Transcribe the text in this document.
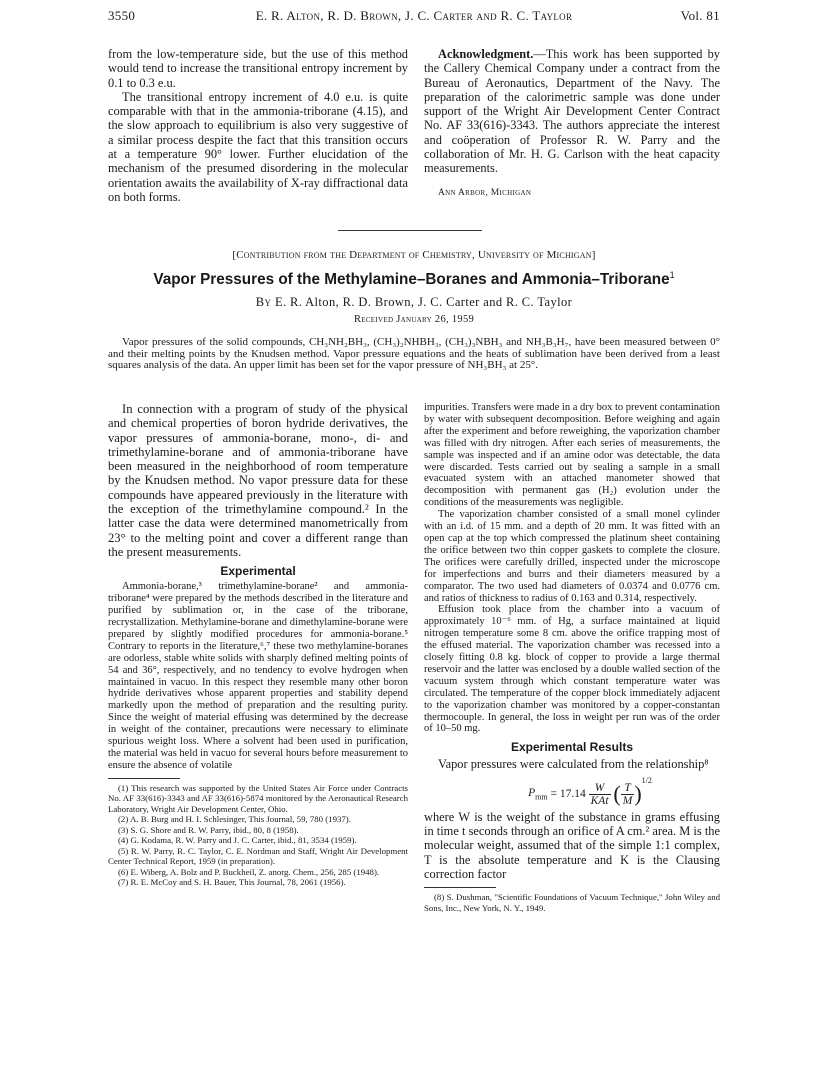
3550	E. R. Alton, R. D. Brown, J. C. Carter and R. C. Taylor	Vol. 81

from the low-temperature side, but the use of this method would tend to increase the transitional entropy increment by 0.1 to 0.3 e.u.

The transitional entropy increment of 4.0 e.u. is quite comparable with that in the ammonia-triborane (4.15), and the slow approach to equilibrium is also very suggestive of a similar process despite the fact that this transition occurs at a temperature 90° lower. Further elucidation of the mechanism of the presumed disordering in the molecular orientation awaits the availability of X-ray diffractional data on both forms.

Acknowledgment.—This work has been supported by the Callery Chemical Company under a contract from the Bureau of Aeronautics, Department of the Navy. The preparation of the calorimetric sample was done under support of the Wright Air Development Center Contract No. AF 33(616)-3343. The authors appreciate the interest and coöperation of Professor R. W. Parry and the collaboration of Mr. H. G. Carlson with the heat capacity measurements.

Ann Arbor, Michigan

[Contribution from the Department of Chemistry, University of Michigan]
Vapor Pressures of the Methylamine–Boranes and Ammonia–Triborane$^1$
By E. R. Alton, R. D. Brown, J. C. Carter and R. C. Taylor
Received January 26, 1959

Vapor pressures of the solid compounds, CH₃NH₂BH₃, (CH₃)₂NHBH₃, (CH₃)₃NBH₃ and NH₃B₃H₇, have been measured between 0° and their melting points by the Knudsen method. Vapor pressure equations and the heats of sublimation have been derived from a least squares analysis of the data. An upper limit has been set for the vapor pressure of NH₃BH₃ at 25°.

In connection with a program of study of the physical and chemical properties of boron hydride derivatives, the vapor pressures of ammonia-borane, mono-, di- and trimethylamine-borane and of ammonia-triborane have been measured in the neighborhood of room temperature by the Knudsen method. No vapor pressure data for these compounds have appeared previously in the literature with the exception of the trimethylamine compound.² In the latter case the data were determined manometrically from 23° to the melting point and cover a different range than the present measurements.

Experimental

Ammonia-borane,³ trimethylamine-borane² and ammonia-triborane⁴ were prepared by the methods described in the literature and purified by sublimation or, in the case of the triborane, recrystallization. Methylamine-borane and dimethylamine-borane were prepared by slightly modified procedures for ammonia-borane.⁵ Contrary to reports in the literature,⁶,⁷ these two methylamine-boranes are odorless, stable white solids with sharply defined melting points of 54 and 36°, respectively, and no tendency to evolve hydrogen when maintained in vacuo. In this respect they resemble many other boron hydride derivatives whose apparent properties and stability depend markedly upon the method of preparation and the resulting purity. Since the weight of material effusing was determined by the decrease in weight of the container, precautions were necessary to eliminate spurious weight loss. Where a solvent had been used in purification, the material was held in vacuo for several hours before measurement to ensure the absence of volatile

(1) This research was supported by the United States Air Force under Contracts No. AF 33(616)-3343 and AF 33(616)-5874 monitored by the Aeronautical Research Laboratory, Wright Air Development Center, Ohio.

(2) A. B. Burg and H. I. Schlesinger, This Journal, 59, 780 (1937).

(3) S. G. Shore and R. W. Parry, ibid., 80, 8 (1958).

(4) G. Kodama, R. W. Parry and J. C. Carter, ibid., 81, 3534 (1959).

(5) R. W. Parry, R. C. Taylor, C. E. Nordman and Staff, Wright Air Development Center Technical Report, 1959 (in preparation).

(6) E. Wiberg, A. Bolz and P. Buckheil, Z. anorg. Chem., 256, 285 (1948).

(7) R. E. McCoy and S. H. Bauer, This Journal, 78, 2061 (1956).

impurities. Transfers were made in a dry box to prevent contamination by water with subsequent decomposition. Before weighing and again after the experiment and before reweighing, the vaporization chamber was filled with dry nitrogen. After each series of measurements, the sample was inspected and if an amine odor was detectable, the data were discarded. Tests carried out by sealing a sample in a small evacuated system with an attached manometer showed that decomposition with permanent gas (H₂) evolution under the conditions of the measurements was negligible.

The vaporization chamber consisted of a small monel cylinder with an i.d. of 15 mm. and a depth of 20 mm. It was fitted with an open cap at the top which compressed the platinum sheet containing the orifice between two thin copper gaskets to complete the closure. The orifices were carefully drilled, inspected under the microscope for imperfections and burrs and their diameters measured by a comparator. The two used had diameters of 0.0374 and 0.0776 cm. and ratios of thickness to radius of 0.163 and 0.314, respectively.

Effusion took place from the chamber into a vacuum of approximately 10⁻⁶ mm. of Hg, a surface maintained at liquid nitrogen temperature some 8 cm. above the orifice trapping most of the effused material. The vaporization chamber was recessed into a closely fitting 0.8 kg. block of copper to provide a large thermal reservoir and the latter was enclosed by a double walled section of the vacuum system through which constant temperature water was circulated. The temperature of the copper block immediately adjacent to the vaporization chamber was monitored by a copper-constantan thermocouple. In general, the loss in weight per run was of the order of 10–50 mg.

Experimental Results

Vapor pressures were calculated from the relationship⁸

$P_{mm} = 17.14 \frac{W}{\text{KAt}}$ ( $\frac{T}{M} )^{1/2}$

where W is the weight of the substance in grams effusing in time t seconds through an orifice of A cm.² area. M is the molecular weight, assumed that of the simple 1:1 complex, T is the absolute temperature and K is the Clausing correction factor

(8) S. Dushman, "Scientific Foundations of Vacuum Technique," John Wiley and Sons, Inc., New York, N. Y., 1949.
